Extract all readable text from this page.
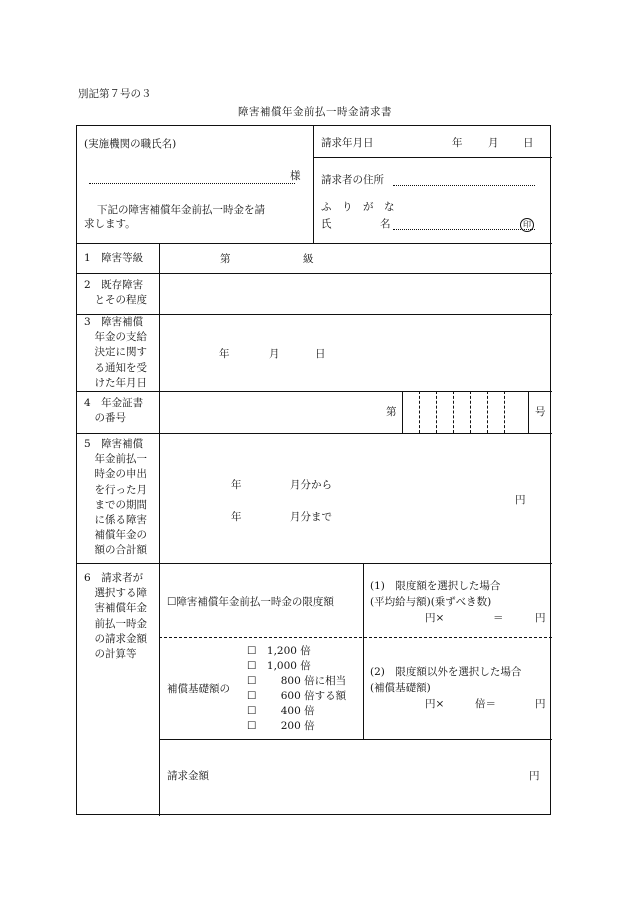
別記第７号の３
障害補償年金前払一時金請求書
(実施機関の職氏名)
様
下記の障害補償年金前払一時金を請
求します。
請求年月日	年 月 日
請求者の住所
ふ　り　が　な
氏	名	印
1　障害等級	第	級
2　既存障害
　とその程度
3　障害補償
　年金の支給
　決定に関す
　る通知を受
　けた年月日
年	月	日
4　年金証書
　の番号
第	号
5　障害補償
　年金前払一
　時金の申出
　を行った月
　までの期間
　に係る障害
　補償年金の
　額の合計額
年	月分から
年	月分まで
円
6　請求者が
　選択する障
　害補償年金
　前払一時金
　の請求金額
　の計算等
☐障害補償年金前払一時金の限度額
(1)　限度額を選択した場合
(平均給与額)(乗ずべき数)
円×	＝	円
補償基礎額の
☐　1,200 倍
☐　1,000 倍
☐　　 800 倍に相当
☐　　 600 倍する額
☐　　 400 倍
☐　　 200 倍
(2)　限度額以外を選択した場合
(補償基礎額)
円×	倍＝	円
請求金額	円
